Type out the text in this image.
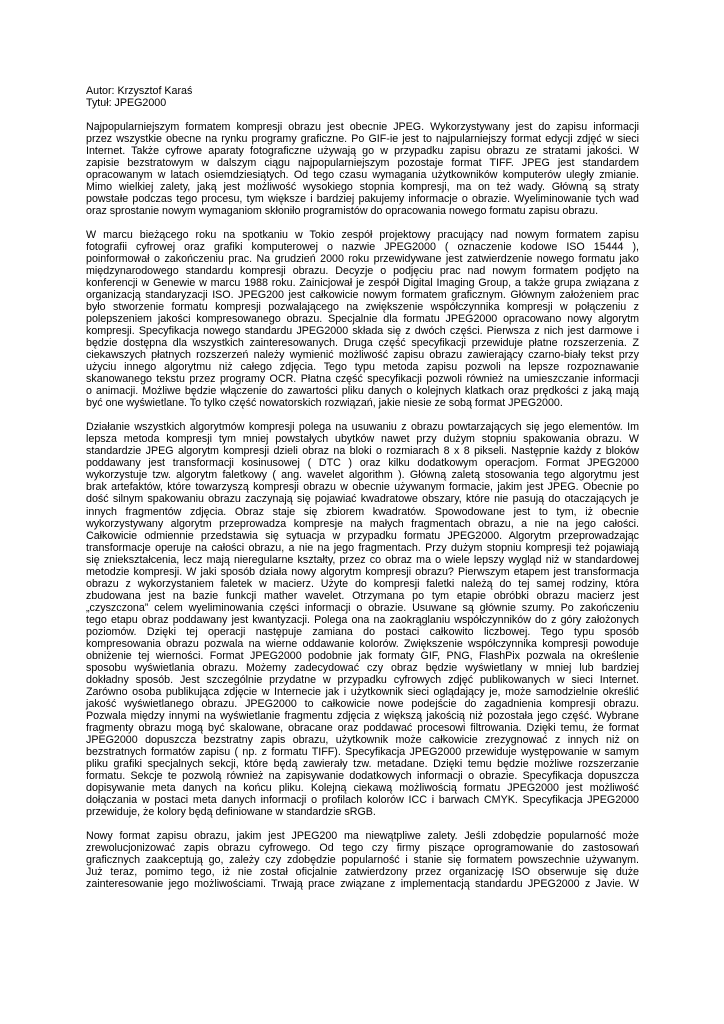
Autor: Krzysztof Karaś
Tytuł: JPEG2000

Najpopularniejszym formatem kompresji obrazu jest obecnie JPEG. Wykorzystywany jest do zapisu informacji
przez wszystkie obecne na rynku programy graficzne. Po GIF-ie jest to najpularniejszy format edycji zdjęć w sieci
Internet. Także cyfrowe aparaty fotograficzne używają go w przypadku zapisu obrazu ze stratami jakości. W
zapisie bezstratowym w dalszym ciągu najpopularniejszym pozostaje format TIFF. JPEG jest standardem
opracowanym w latach osiemdziesiątych. Od tego czasu wymagania użytkowników komputerów uległy zmianie.
Mimo wielkiej zalety, jaką jest możliwość wysokiego stopnia kompresji, ma on też wady. Główną są straty
powstałe podczas tego procesu, tym większe i bardziej pakujemy informacje o obrazie. Wyeliminowanie tych wad
oraz sprostanie nowym wymaganiom skłoniło programistów do opracowania nowego formatu zapisu obrazu.

W marcu bieżącego roku na spotkaniu w Tokio zespół projektowy pracujący nad nowym formatem zapisu
fotografii cyfrowej oraz grafiki komputerowej o nazwie JPEG2000 ( oznaczenie kodowe ISO 15444 ),
poinformował o zakończeniu prac. Na grudzień 2000 roku przewidywane jest zatwierdzenie nowego formatu jako
międzynarodowego standardu kompresji obrazu. Decyzje o podjęciu prac nad nowym formatem podjęto na
konferencji w Genewie w marcu 1988 roku. Zainicjował je zespół Digital Imaging Group, a także grupa związana z
organizacją standaryzacji ISO. JPEG200 jest całkowicie nowym formatem graficznym. Głównym założeniem prac
było stworzenie formatu kompresji pozwalającego na zwiększenie współczynnika kompresji w połączeniu z
polepszeniem jakości kompresowanego obrazu. Specjalnie dla formatu JPEG2000 opracowano nowy algorytm
kompresji. Specyfikacja nowego standardu JPEG2000 składa się z dwóch części. Pierwsza z nich jest darmowe i
będzie dostępna dla wszystkich zainteresowanych. Druga część specyfikacji przewiduje płatne rozszerzenia. Z
ciekawszych płatnych rozszerzeń należy wymienić możliwość zapisu obrazu zawierający czarno-biały tekst przy
użyciu innego algorytmu niż całego zdjęcia. Tego typu metoda zapisu pozwoli na lepsze rozpoznawanie
skanowanego tekstu przez programy OCR. Płatna część specyfikacji pozwoli również na umieszczanie informacji
o animacji. Możliwe będzie włączenie do zawartości pliku danych o kolejnych klatkach oraz prędkości z jaką mają
być one wyświetlane. To tylko część nowatorskich rozwiązań, jakie niesie ze sobą format JPEG2000.

Działanie wszystkich algorytmów kompresji polega na usuwaniu z obrazu powtarzających się jego elementów. Im
lepsza metoda kompresji tym mniej powstałych ubytków nawet przy dużym stopniu spakowania obrazu. W
standardzie JPEG algorytm kompresji dzieli obraz na bloki o rozmiarach 8 x 8 pikseli. Następnie każdy z bloków
poddawany jest transformacji kosinusowej ( DTC ) oraz kilku dodatkowym operacjom. Format JPEG2000
wykorzystuje tzw. algorytm faletkowy ( ang. wavelet algorithm ). Główną zaletą stosowania tego algorytmu jest
brak artefaktów, które towarzyszą kompresji obrazu w obecnie używanym formacie, jakim jest JPEG. Obecnie po
dość silnym spakowaniu obrazu zaczynają się pojawiać kwadratowe obszary, które nie pasują do otaczających je
innych fragmentów zdjęcia. Obraz staje się zbiorem kwadratów. Spowodowane jest to tym, iż obecnie
wykorzystywany algorytm przeprowadza kompresje na małych fragmentach obrazu, a nie na jego całości.
Całkowicie odmiennie przedstawia się sytuacja w przypadku formatu JPEG2000. Algorytm przeprowadzając
transformacje operuje na całości obrazu, a nie na jego fragmentach. Przy dużym stopniu kompresji też pojawiają
się zniekształcenia, lecz mają nieregularne kształty, przez co obraz ma o wiele lepszy wygląd niż w standardowej
metodzie kompresji. W jaki sposób działa nowy algorytm kompresji obrazu? Pierwszym etapem jest transformacja
obrazu z wykorzystaniem faletek w macierz. Użyte do kompresji faletki należą do tej samej rodziny, która
zbudowana jest na bazie funkcji mather wavelet. Otrzymana po tym etapie obróbki obrazu macierz jest
„czyszczona” celem wyeliminowania części informacji o obrazie. Usuwane są głównie szumy. Po zakończeniu
tego etapu obraz poddawany jest kwantyzacji. Polega ona na zaokrąglaniu współczynników do z góry założonych
poziomów. Dzięki tej operacji następuje zamiana do postaci całkowito liczbowej. Tego typu sposób
kompresowania obrazu pozwala na wierne oddawanie kolorów. Zwiększenie współczynnika kompresji powoduje
obniżenie tej wierności. Format JPEG2000 podobnie jak formaty GIF, PNG, FlashPix pozwala na określenie
sposobu wyświetlania obrazu. Możemy zadecydować czy obraz będzie wyświetlany w mniej lub bardziej
dokładny sposób. Jest szczególnie przydatne w przypadku cyfrowych zdjęć publikowanych w sieci Internet.
Zarówno osoba publikująca zdjęcie w Internecie jak i użytkownik sieci oglądający je, może samodzielnie określić
jakość wyświetlanego obrazu. JPEG2000 to całkowicie nowe podejście do zagadnienia kompresji obrazu.
Pozwala między innymi na wyświetlanie fragmentu zdjęcia z większą jakością niż pozostała jego część. Wybrane
fragmenty obrazu mogą być skalowane, obracane oraz poddawać procesowi filtrowania. Dzięki temu, że format
JPEG2000 dopuszcza bezstratny zapis obrazu, użytkownik może całkowicie zrezygnować z innych niż on
bezstratnych formatów zapisu ( np. z formatu TIFF). Specyfikacja JPEG2000 przewiduje występowanie w samym
pliku grafiki specjalnych sekcji, które będą zawierały tzw. metadane. Dzięki temu będzie możliwe rozszerzanie
formatu. Sekcje te pozwolą również na zapisywanie dodatkowych informacji o obrazie. Specyfikacja dopuszcza
dopisywanie meta danych na końcu pliku. Kolejną ciekawą możliwością formatu JPEG2000 jest możliwość
dołączania w postaci meta danych informacji o profilach kolorów ICC i barwach CMYK. Specyfikacja JPEG2000
przewiduje, że kolory będą definiowane w standardzie sRGB.

Nowy format zapisu obrazu, jakim jest JPEG200 ma niewątpliwe zalety. Jeśli zdobędzie popularność może
zrewolucjonizować zapis obrazu cyfrowego. Od tego czy firmy piszące oprogramowanie do zastosowań
graficznych zaakceptują go, zależy czy zdobędzie popularność i stanie się formatem powszechnie używanym.
Już teraz, pomimo tego, iż nie został oficjalnie zatwierdzony przez organizację ISO obserwuje się duże
zainteresowanie jego możliwościami. Trwają prace związane z implementacją standardu JPEG2000 z Javie. W
